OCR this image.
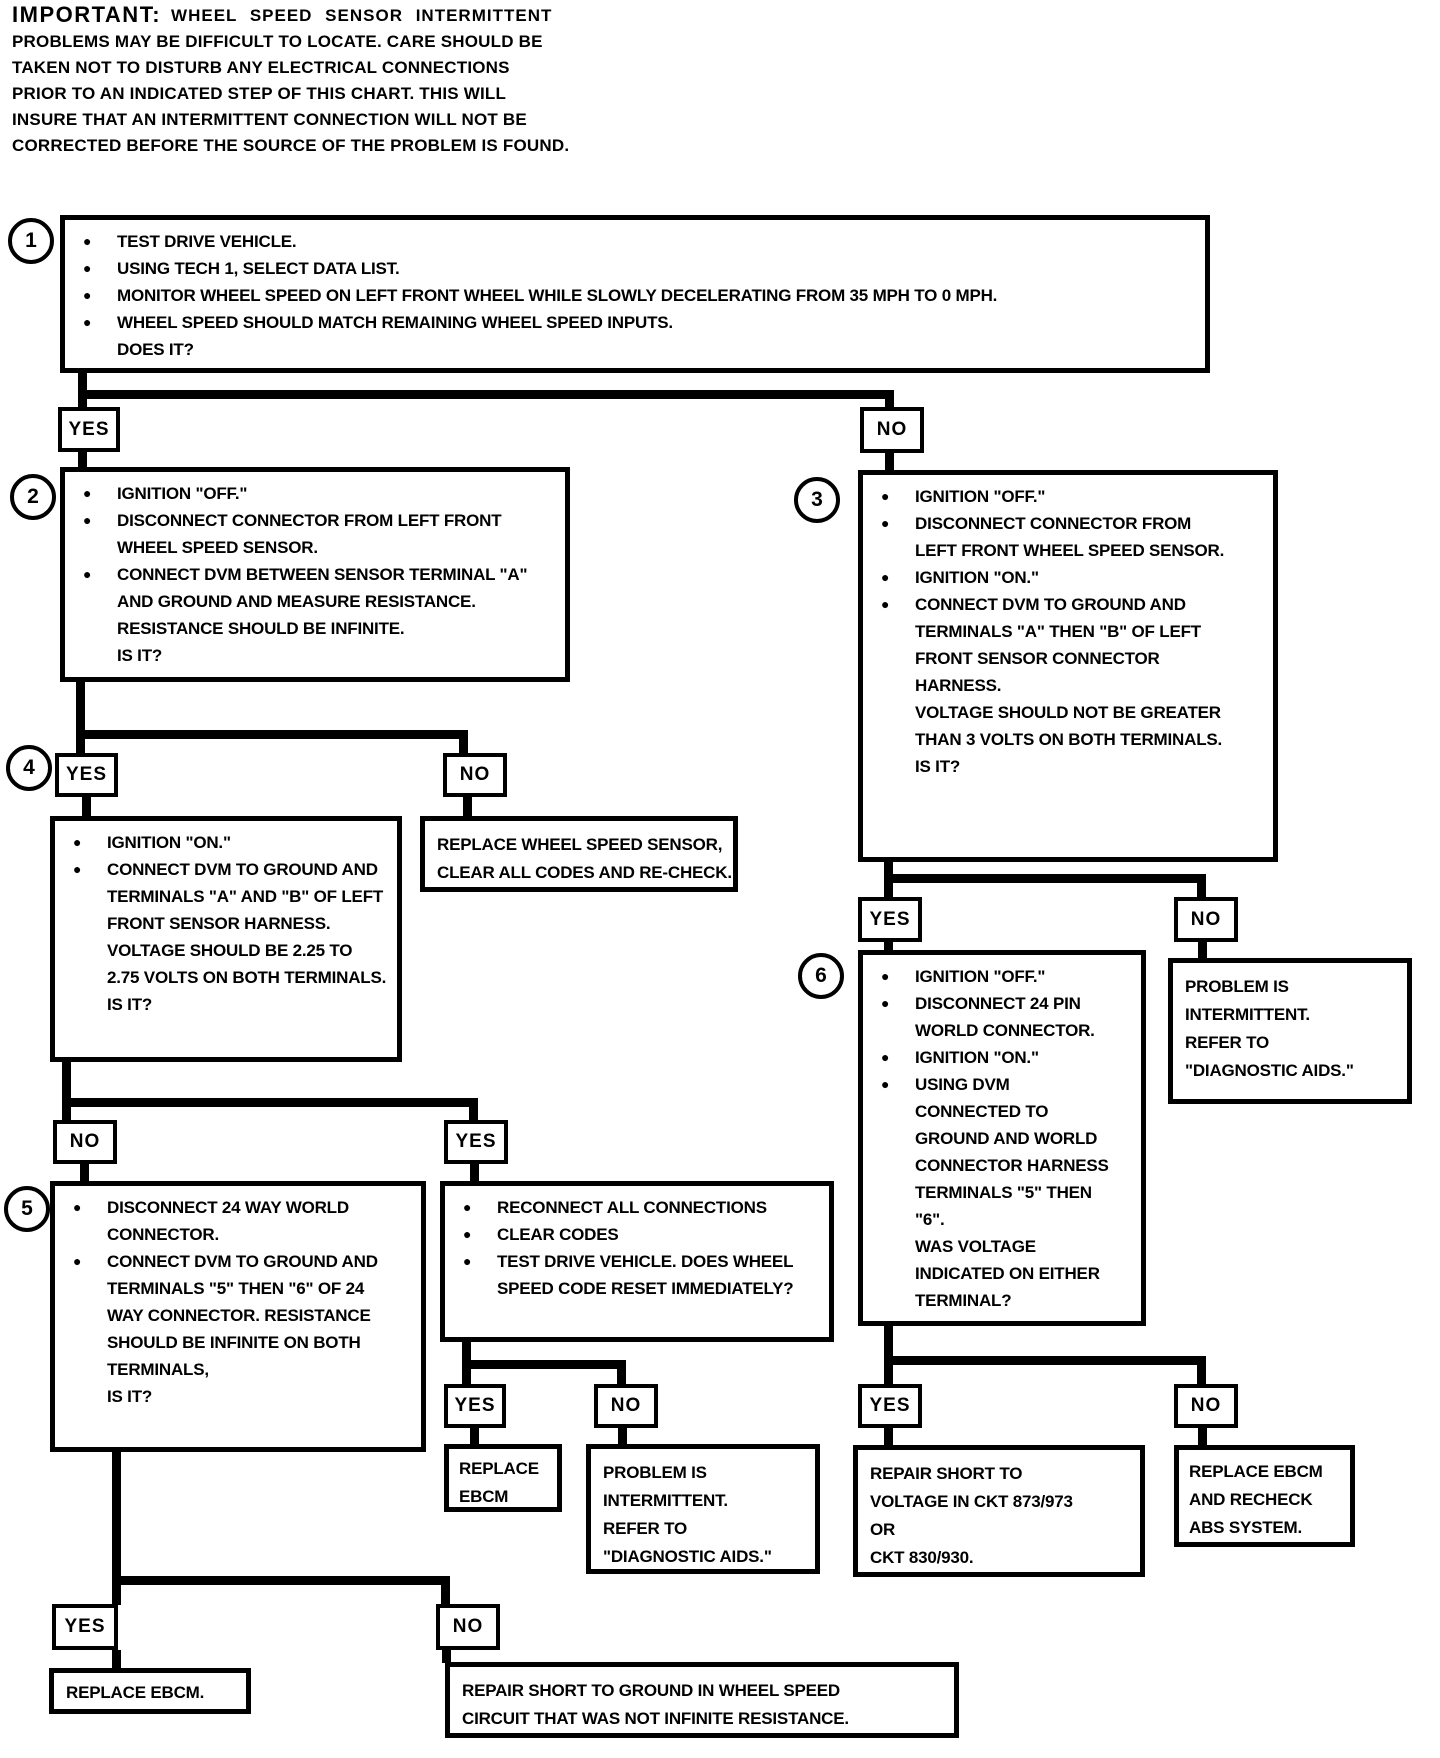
IMPORTANT: WHEEL SPEED SENSOR INTERMITTENT
PROBLEMS MAY BE DIFFICULT TO LOCATE. CARE SHOULD BE
TAKEN NOT TO DISTURB ANY ELECTRICAL CONNECTIONS
PRIOR TO AN INDICATED STEP OF THIS CHART. THIS WILL
INSURE THAT AN INTERMITTENT CONNECTION WILL NOT BE
CORRECTED BEFORE THE SOURCE OF THE PROBLEM IS FOUND.
1
2	3
4
5
6
● TEST DRIVE VEHICLE.
● USING TECH 1, SELECT DATA LIST.
● MONITOR WHEEL SPEED ON LEFT FRONT WHEEL WHILE SLOWLY DECELERATING FROM 35 MPH TO 0 MPH.
● WHEEL SPEED SHOULD MATCH REMAINING WHEEL SPEED INPUTS.
DOES IT?
YES	NO
● IGNITION "OFF."
● DISCONNECT CONNECTOR FROM LEFT FRONT WHEEL SPEED SENSOR.
● CONNECT DVM BETWEEN SENSOR TERMINAL "A" AND GROUND AND MEASURE RESISTANCE.
RESISTANCE SHOULD BE INFINITE.
IS IT?
● IGNITION "OFF."
● DISCONNECT CONNECTOR FROM LEFT FRONT WHEEL SPEED SENSOR.
● IGNITION "ON."
● CONNECT DVM TO GROUND AND TERMINALS "A" THEN "B" OF LEFT FRONT SENSOR CONNECTOR HARNESS.
VOLTAGE SHOULD NOT BE GREATER THAN 3 VOLTS ON BOTH TERMINALS.
IS IT?
YES	NO
● IGNITION "ON."
● CONNECT DVM TO GROUND AND TERMINALS "A" AND "B" OF LEFT FRONT SENSOR HARNESS. VOLTAGE SHOULD BE 2.25 TO 2.75 VOLTS ON BOTH TERMINALS.
IS IT?
REPLACE WHEEL SPEED SENSOR,
CLEAR ALL CODES AND RE-CHECK.
YES	NO
● IGNITION "OFF."
● DISCONNECT 24 PIN WORLD CONNECTOR.
● IGNITION "ON."
● USING DVM CONNECTED TO GROUND AND WORLD CONNECTOR HARNESS TERMINALS "5" THEN "6".
WAS VOLTAGE INDICATED ON EITHER TERMINAL?
PROBLEM IS
INTERMITTENT.
REFER TO
"DIAGNOSTIC AIDS."
NO	YES
● DISCONNECT 24 WAY WORLD CONNECTOR.
● CONNECT DVM TO GROUND AND TERMINALS "5" THEN "6" OF 24 WAY CONNECTOR. RESISTANCE SHOULD BE INFINITE ON BOTH TERMINALS,
IS IT?
● RECONNECT ALL CONNECTIONS
● CLEAR CODES
● TEST DRIVE VEHICLE. DOES WHEEL SPEED CODE RESET IMMEDIATELY?
YES	NO
REPLACE
EBCM
PROBLEM IS
INTERMITTENT.
REFER TO
"DIAGNOSTIC AIDS."
YES	NO
REPAIR SHORT TO
VOLTAGE IN CKT 873/973
OR
CKT 830/930.
REPLACE EBCM
AND RECHECK
ABS SYSTEM.
YES	NO
REPLACE EBCM.	REPAIR SHORT TO GROUND IN WHEEL SPEED
CIRCUIT THAT WAS NOT INFINITE RESISTANCE.
